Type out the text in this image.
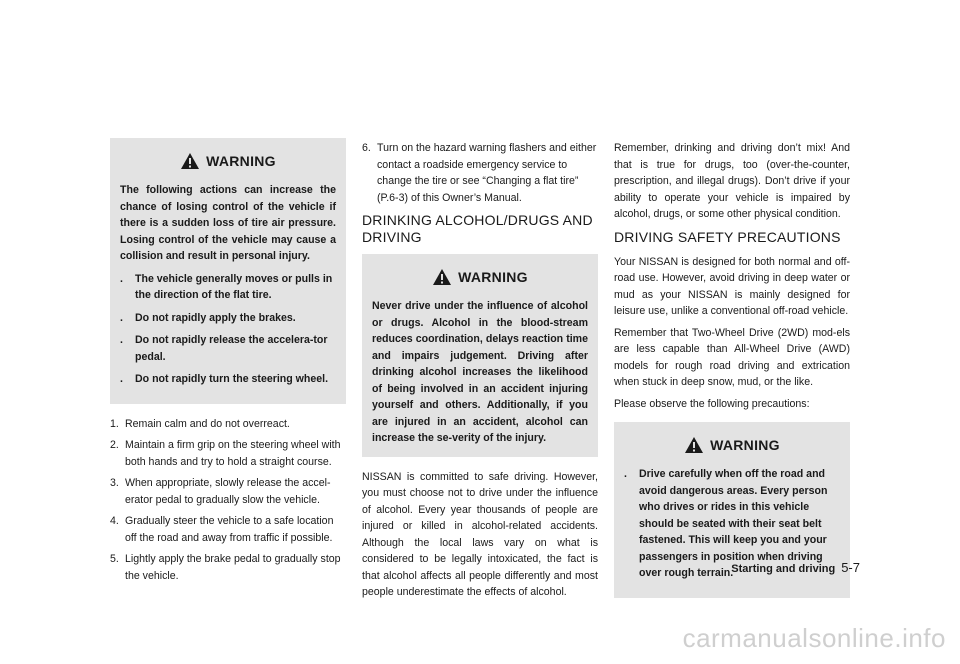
WARNING
The following actions can increase the chance of losing control of the vehicle if there is a sudden loss of tire air pressure. Losing control of the vehicle may cause a collision and result in personal injury.
. The vehicle generally moves or pulls in the direction of the flat tire.
. Do not rapidly apply the brakes.
. Do not rapidly release the accelera-tor pedal.
. Do not rapidly turn the steering wheel.
1. Remain calm and do not overreact.
2. Maintain a firm grip on the steering wheel with both hands and try to hold a straight course.
3. When appropriate, slowly release the accel-erator pedal to gradually slow the vehicle.
4. Gradually steer the vehicle to a safe location off the road and away from traffic if possible.
5. Lightly apply the brake pedal to gradually stop the vehicle.
6. Turn on the hazard warning flashers and either contact a roadside emergency service to change the tire or see “Changing a flat tire” (P.6-3) of this Owner’s Manual.
DRINKING ALCOHOL/DRUGS AND DRIVING
WARNING
Never drive under the influence of alcohol or drugs. Alcohol in the blood-stream reduces coordination, delays reaction time and impairs judgement. Driving after drinking alcohol increases the likelihood of being involved in an accident injuring yourself and others. Additionally, if you are injured in an accident, alcohol can increase the se-verity of the injury.

NISSAN is committed to safe driving. However, you must choose not to drive under the influence of alcohol. Every year thousands of people are injured or killed in alcohol-related accidents. Although the local laws vary on what is considered to be legally intoxicated, the fact is that alcohol affects all people differently and most people underestimate the effects of alcohol.

Remember, drinking and driving don’t mix! And that is true for drugs, too (over-the-counter, prescription, and illegal drugs). Don’t drive if your ability to operate your vehicle is impaired by alcohol, drugs, or some other physical condition.

DRIVING SAFETY PRECAUTIONS

Your NISSAN is designed for both normal and off-road use. However, avoid driving in deep water or mud as your NISSAN is mainly designed for leisure use, unlike a conventional off-road vehicle.

Remember that Two-Wheel Drive (2WD) mod-els are less capable than All-Wheel Drive (AWD) models for rough road driving and extrication when stuck in deep snow, mud, or the like.

Please observe the following precautions:

WARNING
. Drive carefully when off the road and avoid dangerous areas. Every person who drives or rides in this vehicle should be seated with their seat belt fastened. This will keep you and your passengers in position when driving over rough terrain.
Starting and driving 5-7
carmanualsonline.info
